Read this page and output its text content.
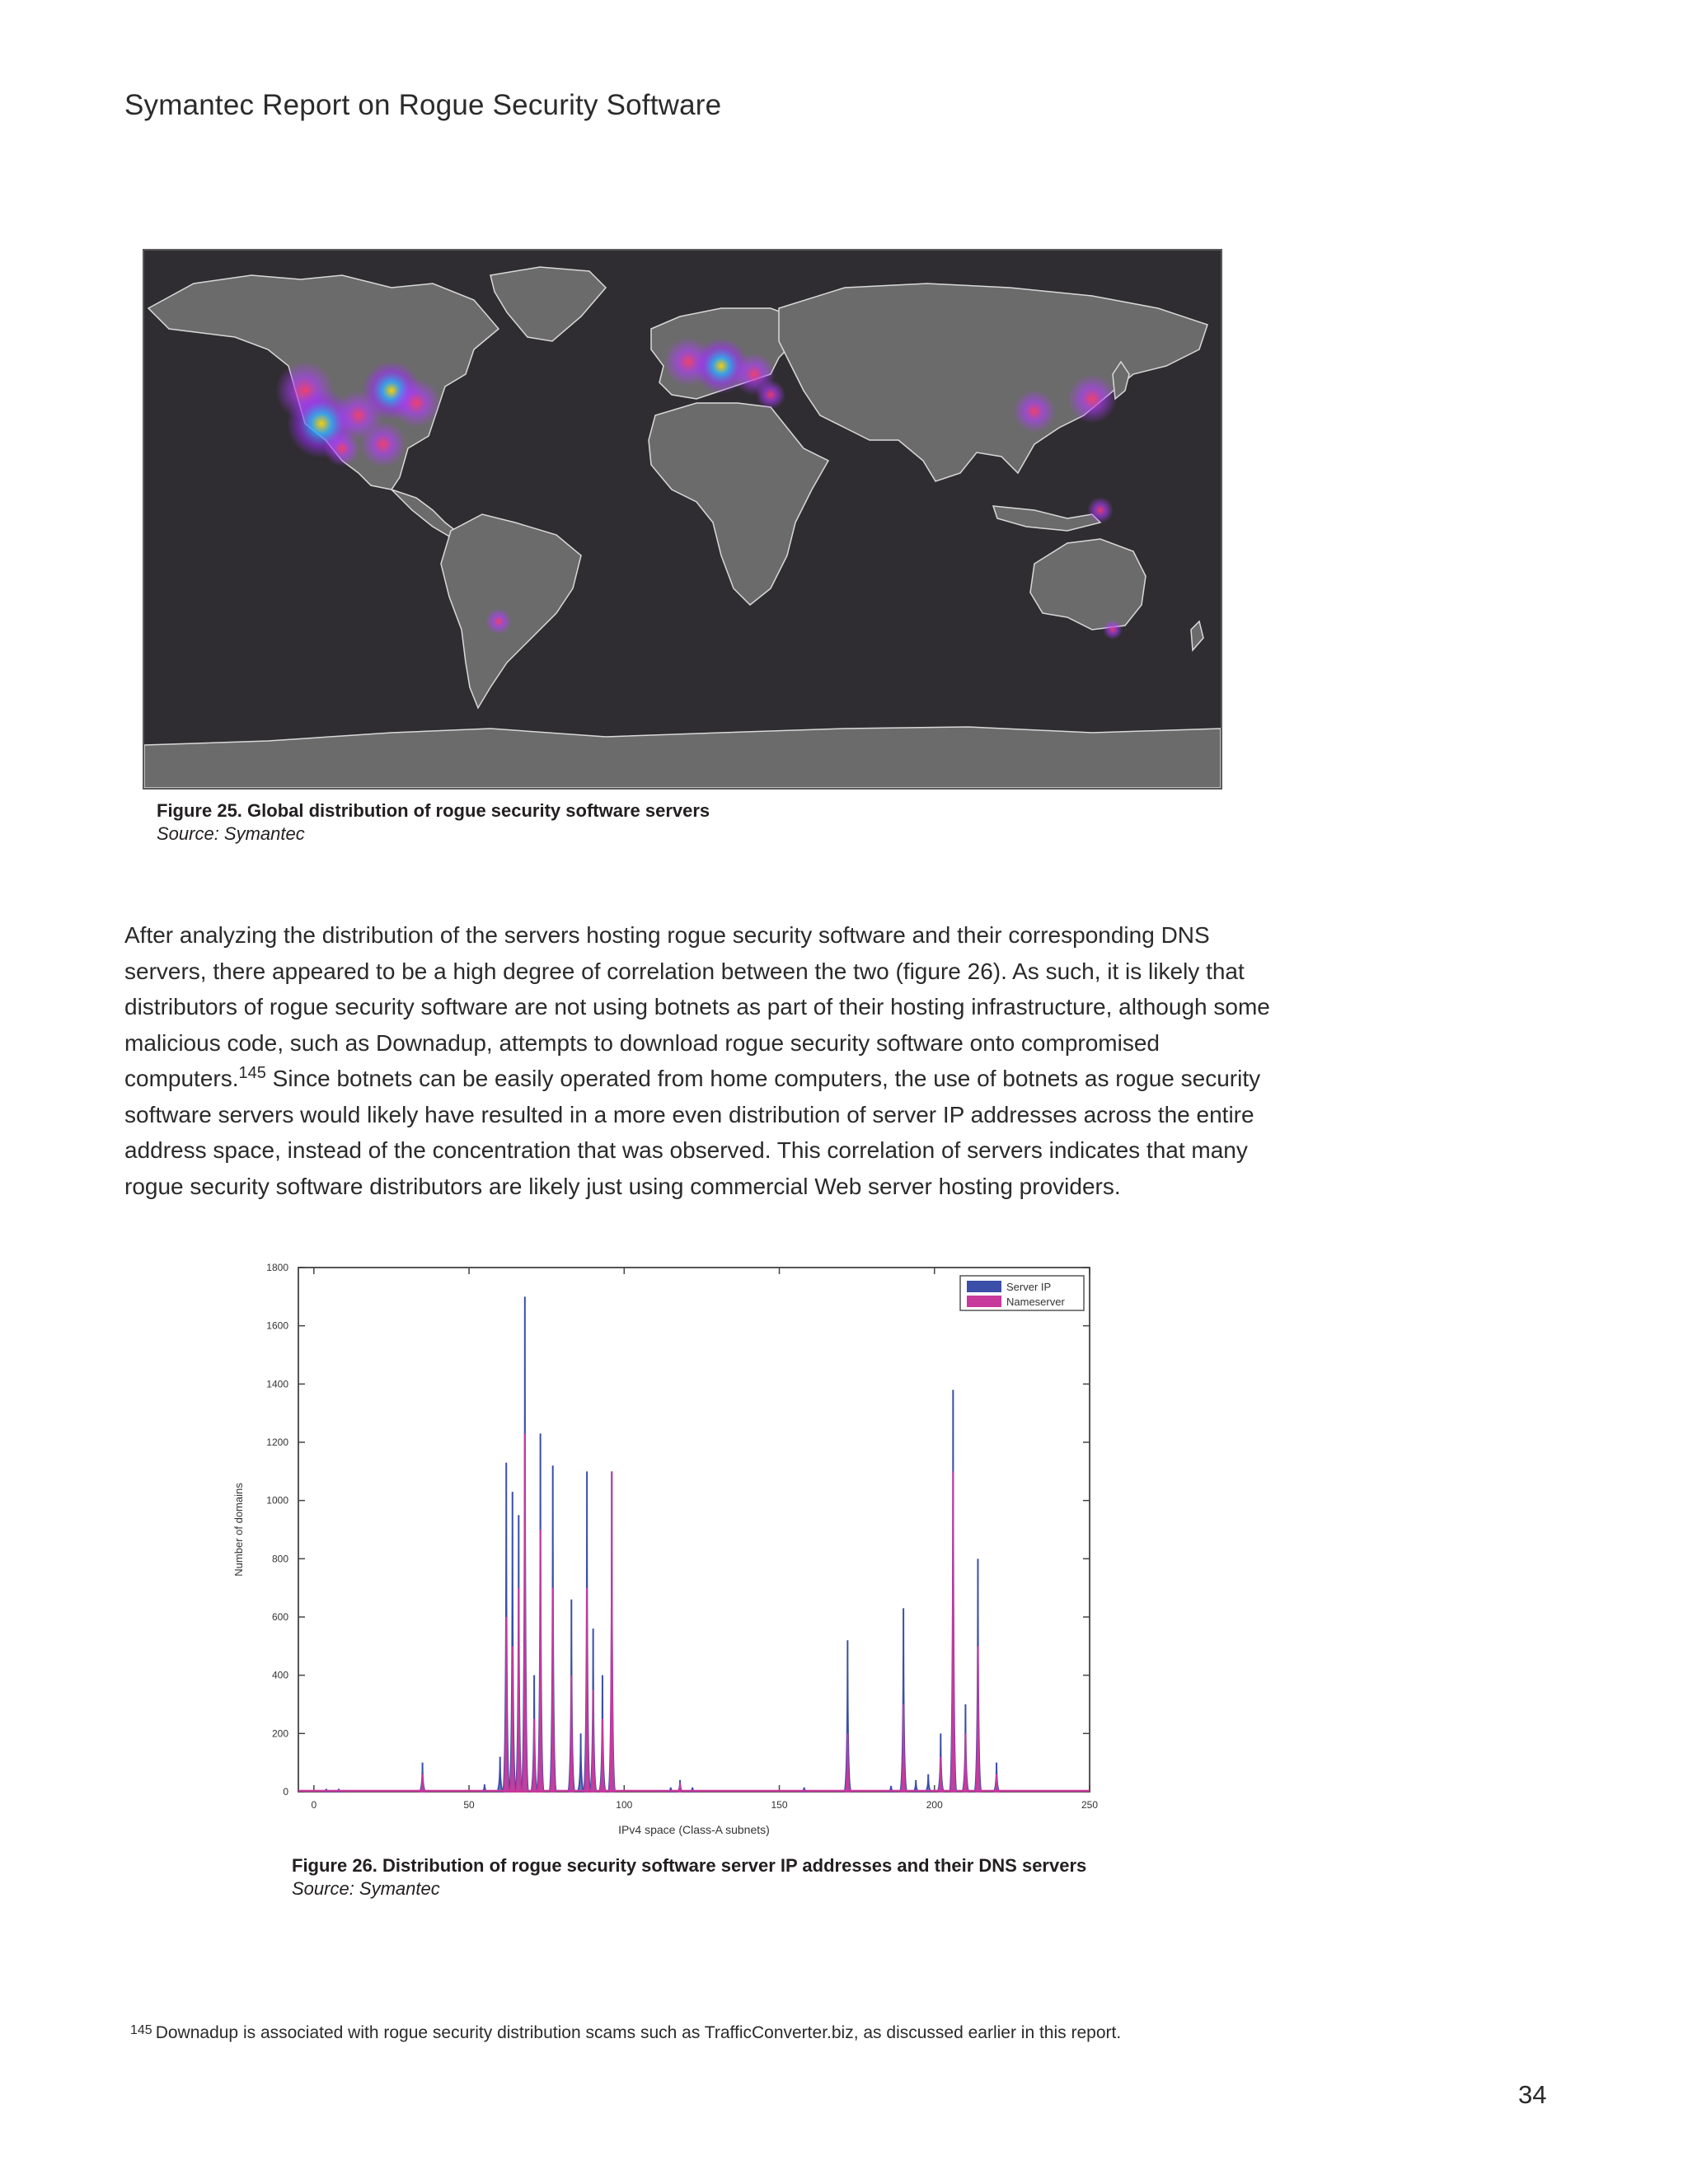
Symantec Report on Rogue Security Software
Figure 25. Global distribution of rogue security software servers
Source: Symantec

After analyzing the distribution of the servers hosting rogue security software and their corresponding DNS servers, there appeared to be a high degree of correlation between the two (figure 26). As such, it is likely that distributors of rogue security software are not using botnets as part of their hosting infrastructure, although some malicious code, such as Downadup, attempts to download rogue security software onto compromised computers.$^{145}$ Since botnets can be easily operated from home computers, the use of botnets as rogue security software servers would likely have resulted in a more even distribution of server IP addresses across the entire address space, instead of the concentration that was observed. This correlation of servers indicates that many rogue security software distributors are likely just using commercial Web server hosting providers.

0
200
400
600
800
1000
1200
1400
1600
1800
0	50	100	150	200	250
Number of domains
IPv4 space (Class-A subnets)
Server IP
Nameserver
Figure 26. Distribution of rogue security software server IP addresses and their DNS servers
Source: Symantec
$^{145}$ Downadup is associated with rogue security distribution scams such as TrafficConverter.biz, as discussed earlier in this report.
34
